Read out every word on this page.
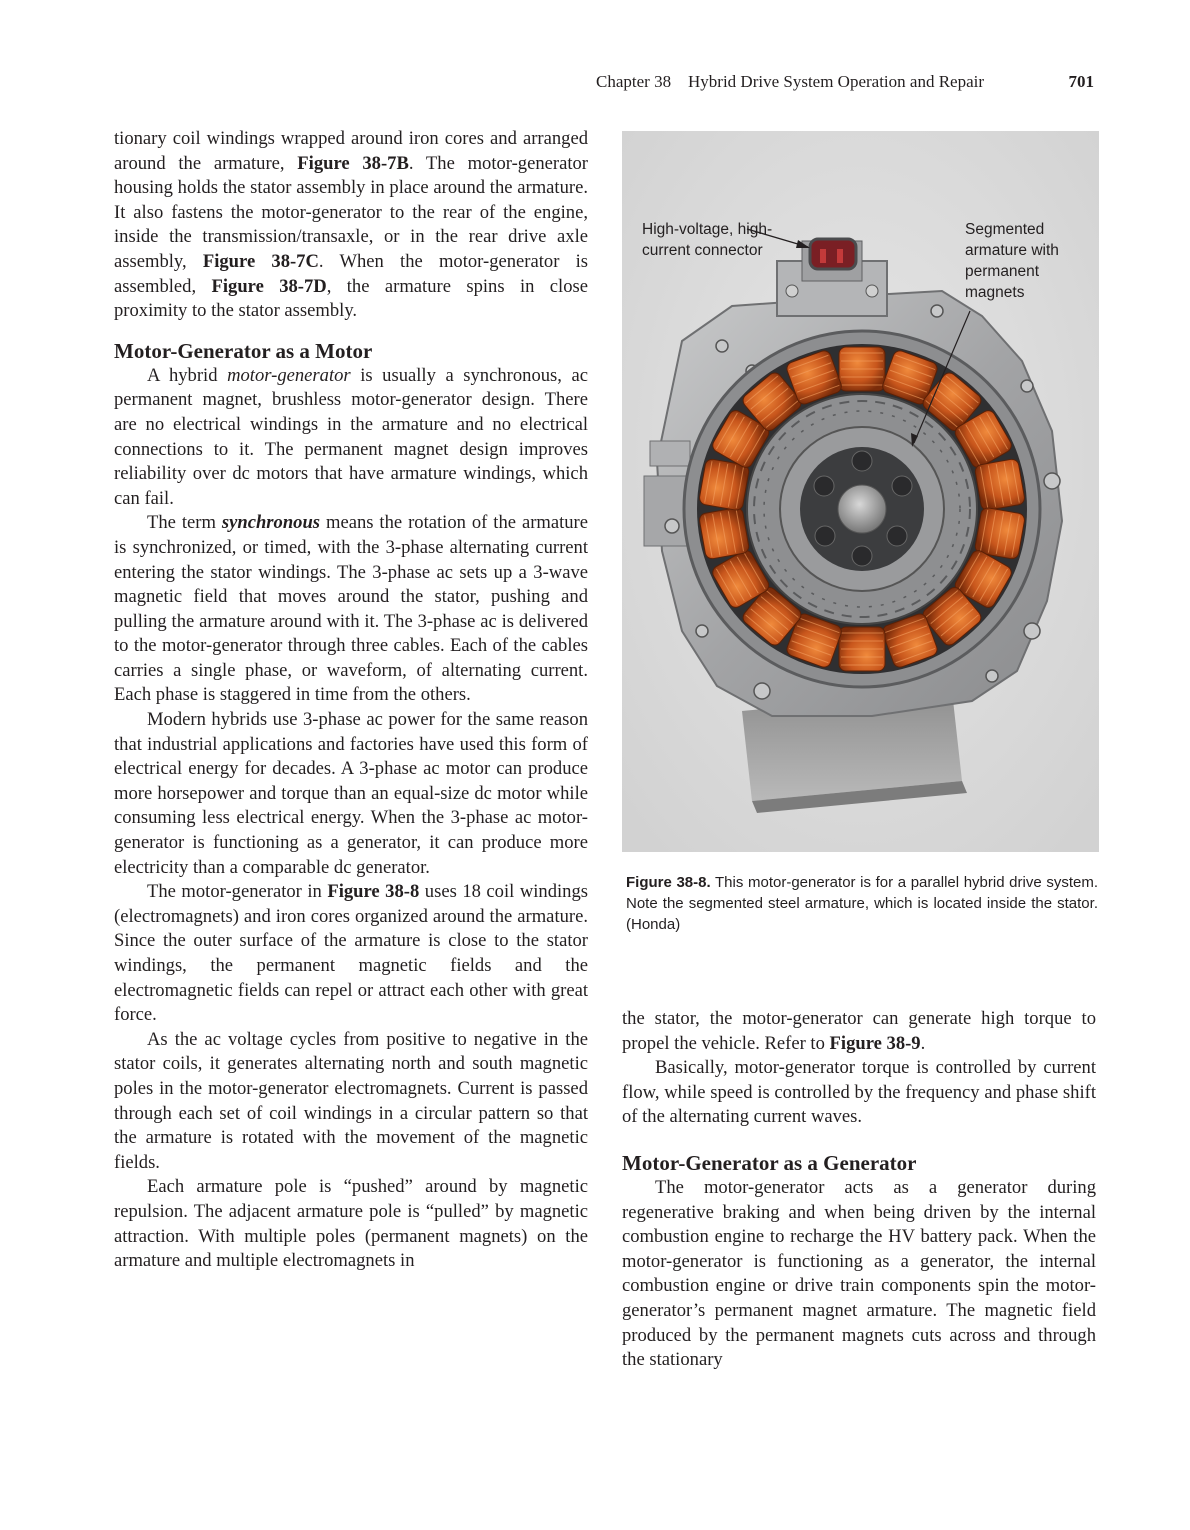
Chapter 38 Hybrid Drive System Operation and Repair	701

tionary coil windings wrapped around iron cores and arranged around the armature, Figure 38-7B. The motor-generator housing holds the stator assembly in place around the armature. It also fastens the motor-generator to the rear of the engine, inside the transmission/transaxle, or in the rear drive axle assembly, Figure 38-7C. When the motor-generator is assembled, Figure 38-7D, the armature spins in close proximity to the stator assembly.

Motor-Generator as a Motor

A hybrid motor-generator is usually a synchronous, ac permanent magnet, brushless motor-generator design. There are no electrical windings in the armature and no electrical connections to it. The permanent magnet design improves reliability over dc motors that have armature windings, which can fail.

The term synchronous means the rotation of the armature is synchronized, or timed, with the 3-phase alternating current entering the stator windings. The 3-phase ac sets up a 3-wave magnetic field that moves around the stator, pushing and pulling the armature around with it. The 3-phase ac is delivered to the motor-generator through three cables. Each of the cables carries a single phase, or waveform, of alternating current. Each phase is staggered in time from the others.

Modern hybrids use 3-phase ac power for the same reason that industrial applications and factories have used this form of electrical energy for decades. A 3-phase ac motor can produce more horsepower and torque than an equal-size dc motor while consuming less electrical energy. When the 3-phase ac motor-generator is functioning as a generator, it can produce more electricity than a comparable dc generator.

The motor-generator in Figure 38-8 uses 18 coil windings (electromagnets) and iron cores organized around the armature. Since the outer surface of the armature is close to the stator windings, the permanent magnetic fields and the electromagnetic fields can repel or attract each other with great force.

As the ac voltage cycles from positive to negative in the stator coils, it generates alternating north and south magnetic poles in the motor-generator electromagnets. Current is passed through each set of coil windings in a circular pattern so that the armature is rotated with the movement of the magnetic fields.

Each armature pole is “pushed” around by magnetic repulsion. The adjacent armature pole is “pulled” by magnetic attraction. With multiple poles (permanent magnets) on the armature and multiple electromagnets in

High-voltage, high-current connector
Segmented armature with permanent magnets
Figure 38-8. This motor-generator is for a parallel hybrid drive system. Note the segmented steel armature, which is located inside the stator. (Honda)

the stator, the motor-generator can generate high torque to propel the vehicle. Refer to Figure 38-9.

Basically, motor-generator torque is controlled by current flow, while speed is controlled by the frequency and phase shift of the alternating current waves.

Motor-Generator as a Generator

The motor-generator acts as a generator during regenerative braking and when being driven by the internal combustion engine to recharge the HV battery pack. When the motor-generator is functioning as a generator, the internal combustion engine or drive train components spin the motor-generator’s permanent magnet armature. The magnetic field produced by the permanent magnets cuts across and through the stationary
